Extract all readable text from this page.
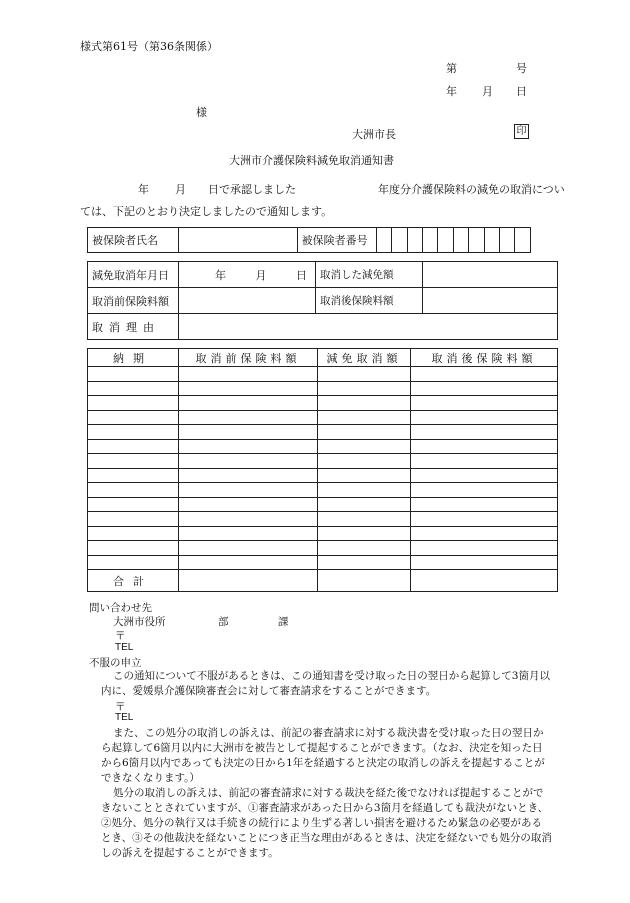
様式第61号（第36条関係）
第	号
年 月 日
様
大洲市長	印
大洲市介護保険料減免取消通知書
年 月 日で承認しました	年度分介護保険料の減免の取消につい
ては、下記のとおり決定しましたので通知します。
被保険者氏名		被保険者番号										
減免取消年月日	年 月 日	取消した減免額	
取消前保険料額		取消後保険料額	
取消理由			
納期	取消前保険料額	減免取消額	取消後保険料額

合計			
問い合わせ先
大洲市役所	部	課
〒
TEL
不服の申立
この通知について不服があるときは、この通知書を受け取った日の翌日から起算して3箇月以内に、愛媛県介護保険審査会に対して審査請求をすることができます。
〒
TEL
また、この処分の取消しの訴えは、前記の審査請求に対する裁決書を受け取った日の翌日から起算して6箇月以内に大洲市を被告として提起することができます。（なお、決定を知った日から6箇月以内であっても決定の日から1年を経過すると決定の取消しの訴えを提起することができなくなります。）
処分の取消しの訴えは、前記の審査請求に対する裁決を経た後でなければ提起することができないこととされていますが、①審査請求があった日から3箇月を経過しても裁決がないとき、②処分、処分の執行又は手続きの続行により生ずる著しい損害を避けるため緊急の必要があるとき、③その他裁決を経ないことにつき正当な理由があるときは、決定を経ないでも処分の取消しの訴えを提起することができます。
